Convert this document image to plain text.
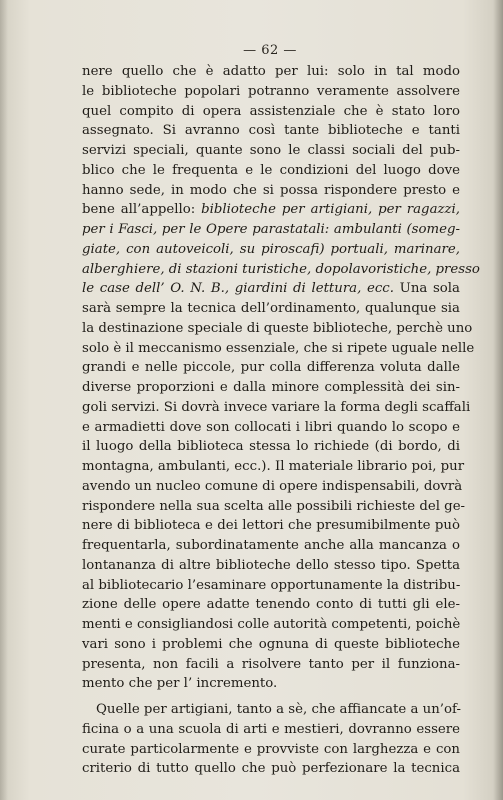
— 62 —
nere quello che è adatto per lui: solo in tal modo
le biblioteche popolari potranno veramente assolvere
quel compito di opera assistenziale che è stato loro
assegnato. Si avranno così tante biblioteche e tanti
servizi speciali, quante sono le classi sociali del pub-
blico che le frequenta e le condizioni del luogo dove
hanno sede, in modo che si possa rispondere presto e
bene all’appello: biblioteche per artigiani, per ragazzi,
per i Fasci, per le Opere parastatali: ambulanti (someg-
giate, con autoveicoli, su piroscafi) portuali, marinare,
alberghiere, di stazioni turistiche, dopolavoristiche, presso
le case dell’ O. N. B., giardini di lettura, ecc. Una sola
sarà sempre la tecnica dell’ordinamento, qualunque sia
la destinazione speciale di queste biblioteche, perchè uno
solo è il meccanismo essenziale, che si ripete uguale nelle
grandi e nelle piccole, pur colla differenza voluta dalle
diverse proporzioni e dalla minore complessità dei sin-
goli servizi. Si dovrà invece variare la forma degli scaffali
e armadietti dove son collocati i libri quando lo scopo e
il luogo della biblioteca stessa lo richiede (di bordo, di
montagna, ambulanti, ecc.). Il materiale librario poi, pur
avendo un nucleo comune di opere indispensabili, dovrà
rispondere nella sua scelta alle possibili richieste del ge-
nere di biblioteca e dei lettori che presumibilmente può
frequentarla, subordinatamente anche alla mancanza o
lontananza di altre biblioteche dello stesso tipo. Spetta
al bibliotecario l’esaminare opportunamente la distribu-
zione delle opere adatte tenendo conto di tutti gli ele-
menti e consigliandosi colle autorità competenti, poichè
vari sono i problemi che ognuna di queste biblioteche
presenta, non facili a risolvere tanto per il funziona-
mento che per l’ incremento.
Quelle per artigiani, tanto a sè, che affiancate a un’of-
ficina o a una scuola di arti e mestieri, dovranno essere
curate particolarmente e provviste con larghezza e con
criterio di tutto quello che può perfezionare la tecnica
